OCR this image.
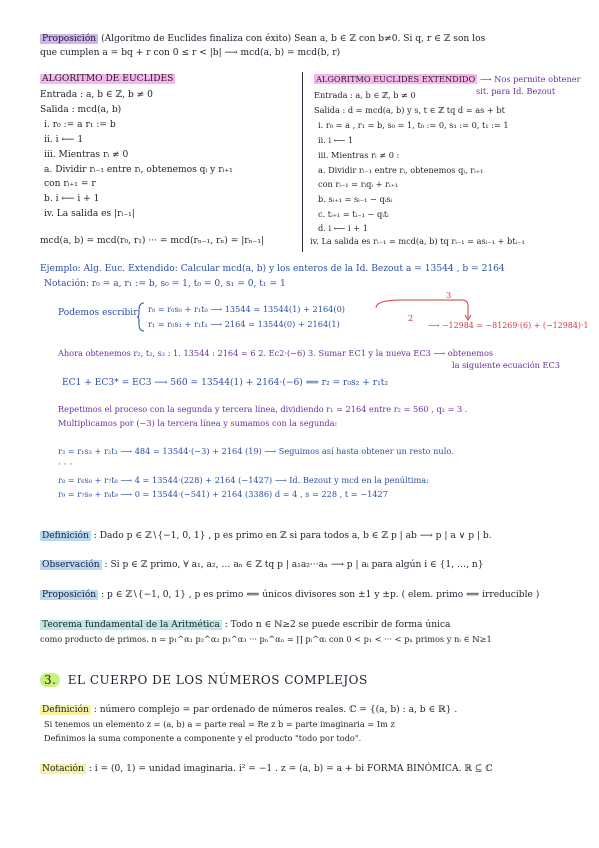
Proposición (Algoritmo de Euclides finaliza con éxito) Sean a, b ∈ ℤ con b≠0. Si q, r ∈ ℤ son los
que cumplen a = bq + r con 0 ≤ r < |b| ⟶ mcd(a, b) = mcd(b, r)
ALGORITMO DE EUCLIDES
Entrada : a, b ∈ ℤ, b ≠ 0
Salida : mcd(a, b)
i. r₀ := a r₁ := b
ii. i ⟵ 1
iii. Mientras rᵢ ≠ 0
a. Dividir rᵢ₋₁ entre rᵢ, obtenemos qᵢ y rᵢ₊₁
con rᵢ₊₁ = r
b. i ⟵ i + 1
iv. La salida es |rᵢ₋₁|
mcd(a, b) = mcd(r₀, r₁) ··· = mcd(rₙ₋₁, rₙ) = |rₙ₋₁|
ALGORITMO EUCLIDES EXTENDIDO ⟶ Nos permite obtener
sit. para Id. Bezout
Entrada : a, b ∈ ℤ, b ≠ 0
Salida : d = mcd(a, b) y s, t ∈ ℤ tq d = as + bt
i. r₀ = a , r₁ = b, s₀ = 1, t₀ := 0, s₁ := 0, t₁ := 1
ii. i ⟵ 1
iii. Mientras rᵢ ≠ 0 :
a. Dividir rᵢ₋₁ entre rᵢ, obtenemos qᵢ, rᵢ₊₁
con rᵢ₋₁ = rᵢqᵢ + rᵢ₊₁
b. sᵢ₊₁ = sᵢ₋₁ − qᵢsᵢ
c. tᵢ₊₁ = tᵢ₋₁ − qᵢtᵢ
d. i ⟵ i + 1
iv. La salida es rᵢ₋₁ = mcd(a, b) tq rᵢ₋₁ = asᵢ₋₁ + btᵢ₋₁
Ejemplo: Alg. Euc. Extendido: Calcular mcd(a, b) y los enteros de la Id. Bezout a = 13544 , b = 2164
Notación: r₀ = a, r₁ := b, s₀ = 1, t₀ = 0, s₁ = 0, t₁ = 1
Podemos escribir r₀ = r₀s₀ + r₁t₀ ⟶ 13544 = 13544(1) + 2164(0)
r₁ = r₀s₁ + r₁t₁ ⟶ 2164 = 13544(0) + 2164(1)
3
2
⟶ −12984 = −81269·(6) + (−12984)·1
Ahora obtenemos r₂, t₂, s₂ : 1. 13544 : 2164 = 6 2. Ec2·(−6) 3. Sumar EC1 y la nueva EC3 ⟶ obtenemos
la siguiente ecuación EC3
EC1 + EC3* = EC3 ⟶ 560 = 13544(1) + 2164·(−6) ⟺ r₂ = r₀s₂ + r₁t₂
Repetimos el proceso con la segunda y tercera línea, dividiendo r₁ = 2164 entre r₂ = 560 , q₂ = 3 .
Multiplicamos por (−3) la tercera línea y sumamos con la segunda:
r₃ = r₁s₃ + r₂t₃ ⟶ 484 = 13544·(−3) + 2164 (19) ⟶ Seguimos así hasta obtener un resto nulo.
· · ·
r₈ = r₆s₈ + r₇t₈ ⟶ 4 = 13544·(228) + 2164 (−1427) ⟶ Id. Bezout y mcd en la penúltima:
r₉ = r₇s₉ + r₈t₉ ⟶ 0 = 13544·(−541) + 2164 (3386) d = 4 , s = 228 , t = −1427
Definición : Dado p ∈ ℤ∖{−1, 0, 1} , p es primo en ℤ si para todos a, b ∈ ℤ p | ab ⟶ p | a ∨ p | b.
Observación : Si p ∈ ℤ primo, ∀ a₁, a₂, … aₙ ∈ ℤ tq p | a₁a₂···aₙ ⟶ p | aᵢ para algún i ∈ {1, …, n}
Proposición : p ∈ ℤ∖{−1, 0, 1} , p es primo ⟺ únicos divisores son ±1 y ±p. ( elem. primo ⟺ irreducible )
Teorema fundamental de la Aritmética : Todo n ∈ ℕ≥2 se puede escribir de forma única
como producto de primos. n = p₁^α₁ p₂^α₂ p₃^α₃ ··· pₙ^αₙ = ∏ pᵢ^αᵢ con 0 < p₁ < ··· < pₙ primos y nᵢ ∈ ℕ≥1
3. EL CUERPO DE LOS NÚMEROS COMPLEJOS
Definición : número complejo = par ordenado de números reales. ℂ = {(a, b) : a, b ∈ ℝ} .
Si tenemos un elemento z = (a, b) a = parte real = Re z b = parte imaginaria = Im z
Definimos la suma componente a componente y el producto "todo por todo".
Notación : i = (0, 1) = unidad imaginaria. i² = −1 . z = (a, b) = a + bi FORMA BINÓMICA. ℝ ⊆ ℂ
